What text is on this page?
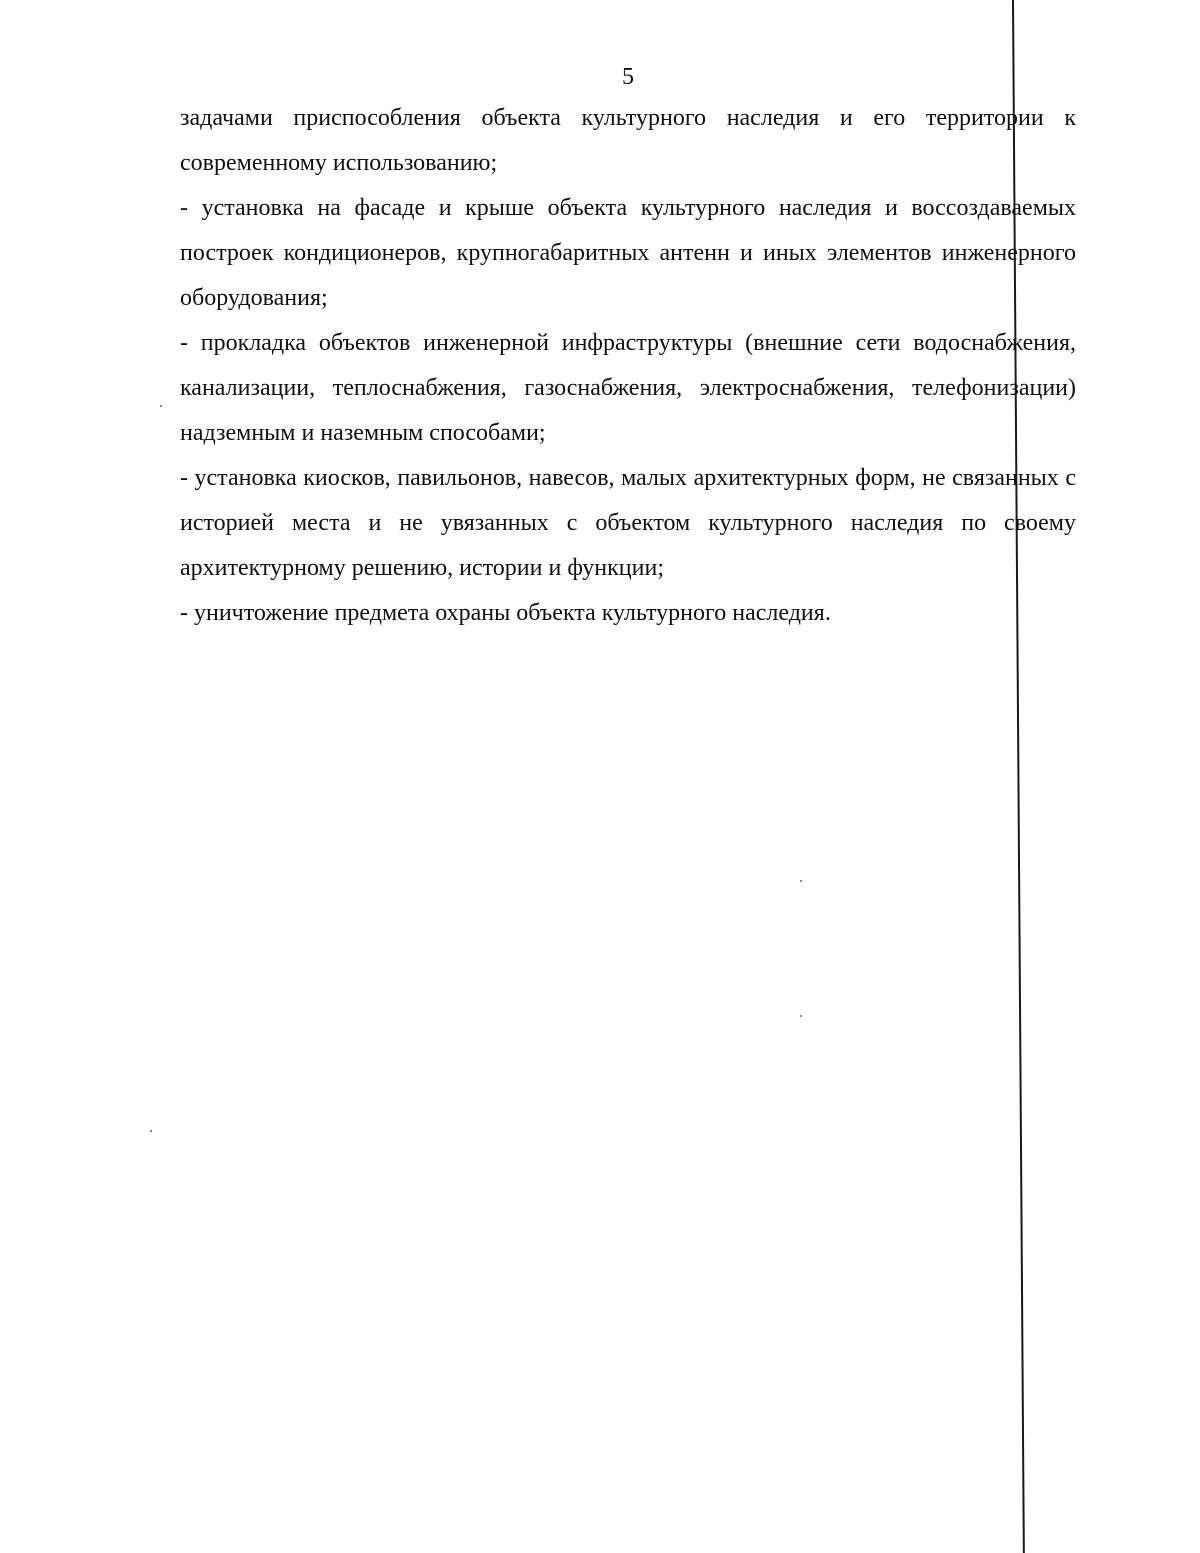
5

задачами приспособления объекта культурного наследия и его территории к современному использованию;

- установка на фасаде и крыше объекта культурного наследия и воссоздаваемых построек кондиционеров, крупногабаритных антенн и иных элементов инженерного оборудования;

- прокладка объектов инженерной инфраструктуры (внешние сети водоснабжения, канализации, теплоснабжения, газоснабжения, электроснабжения, телефонизации) надземным и наземным способами;

- установка киосков, павильонов, навесов, малых архитектурных форм, не связанных с историей места и не увязанных с объектом культурного наследия по своему архитектурному решению, истории и функции;

- уничтожение предмета охраны объекта культурного наследия.
